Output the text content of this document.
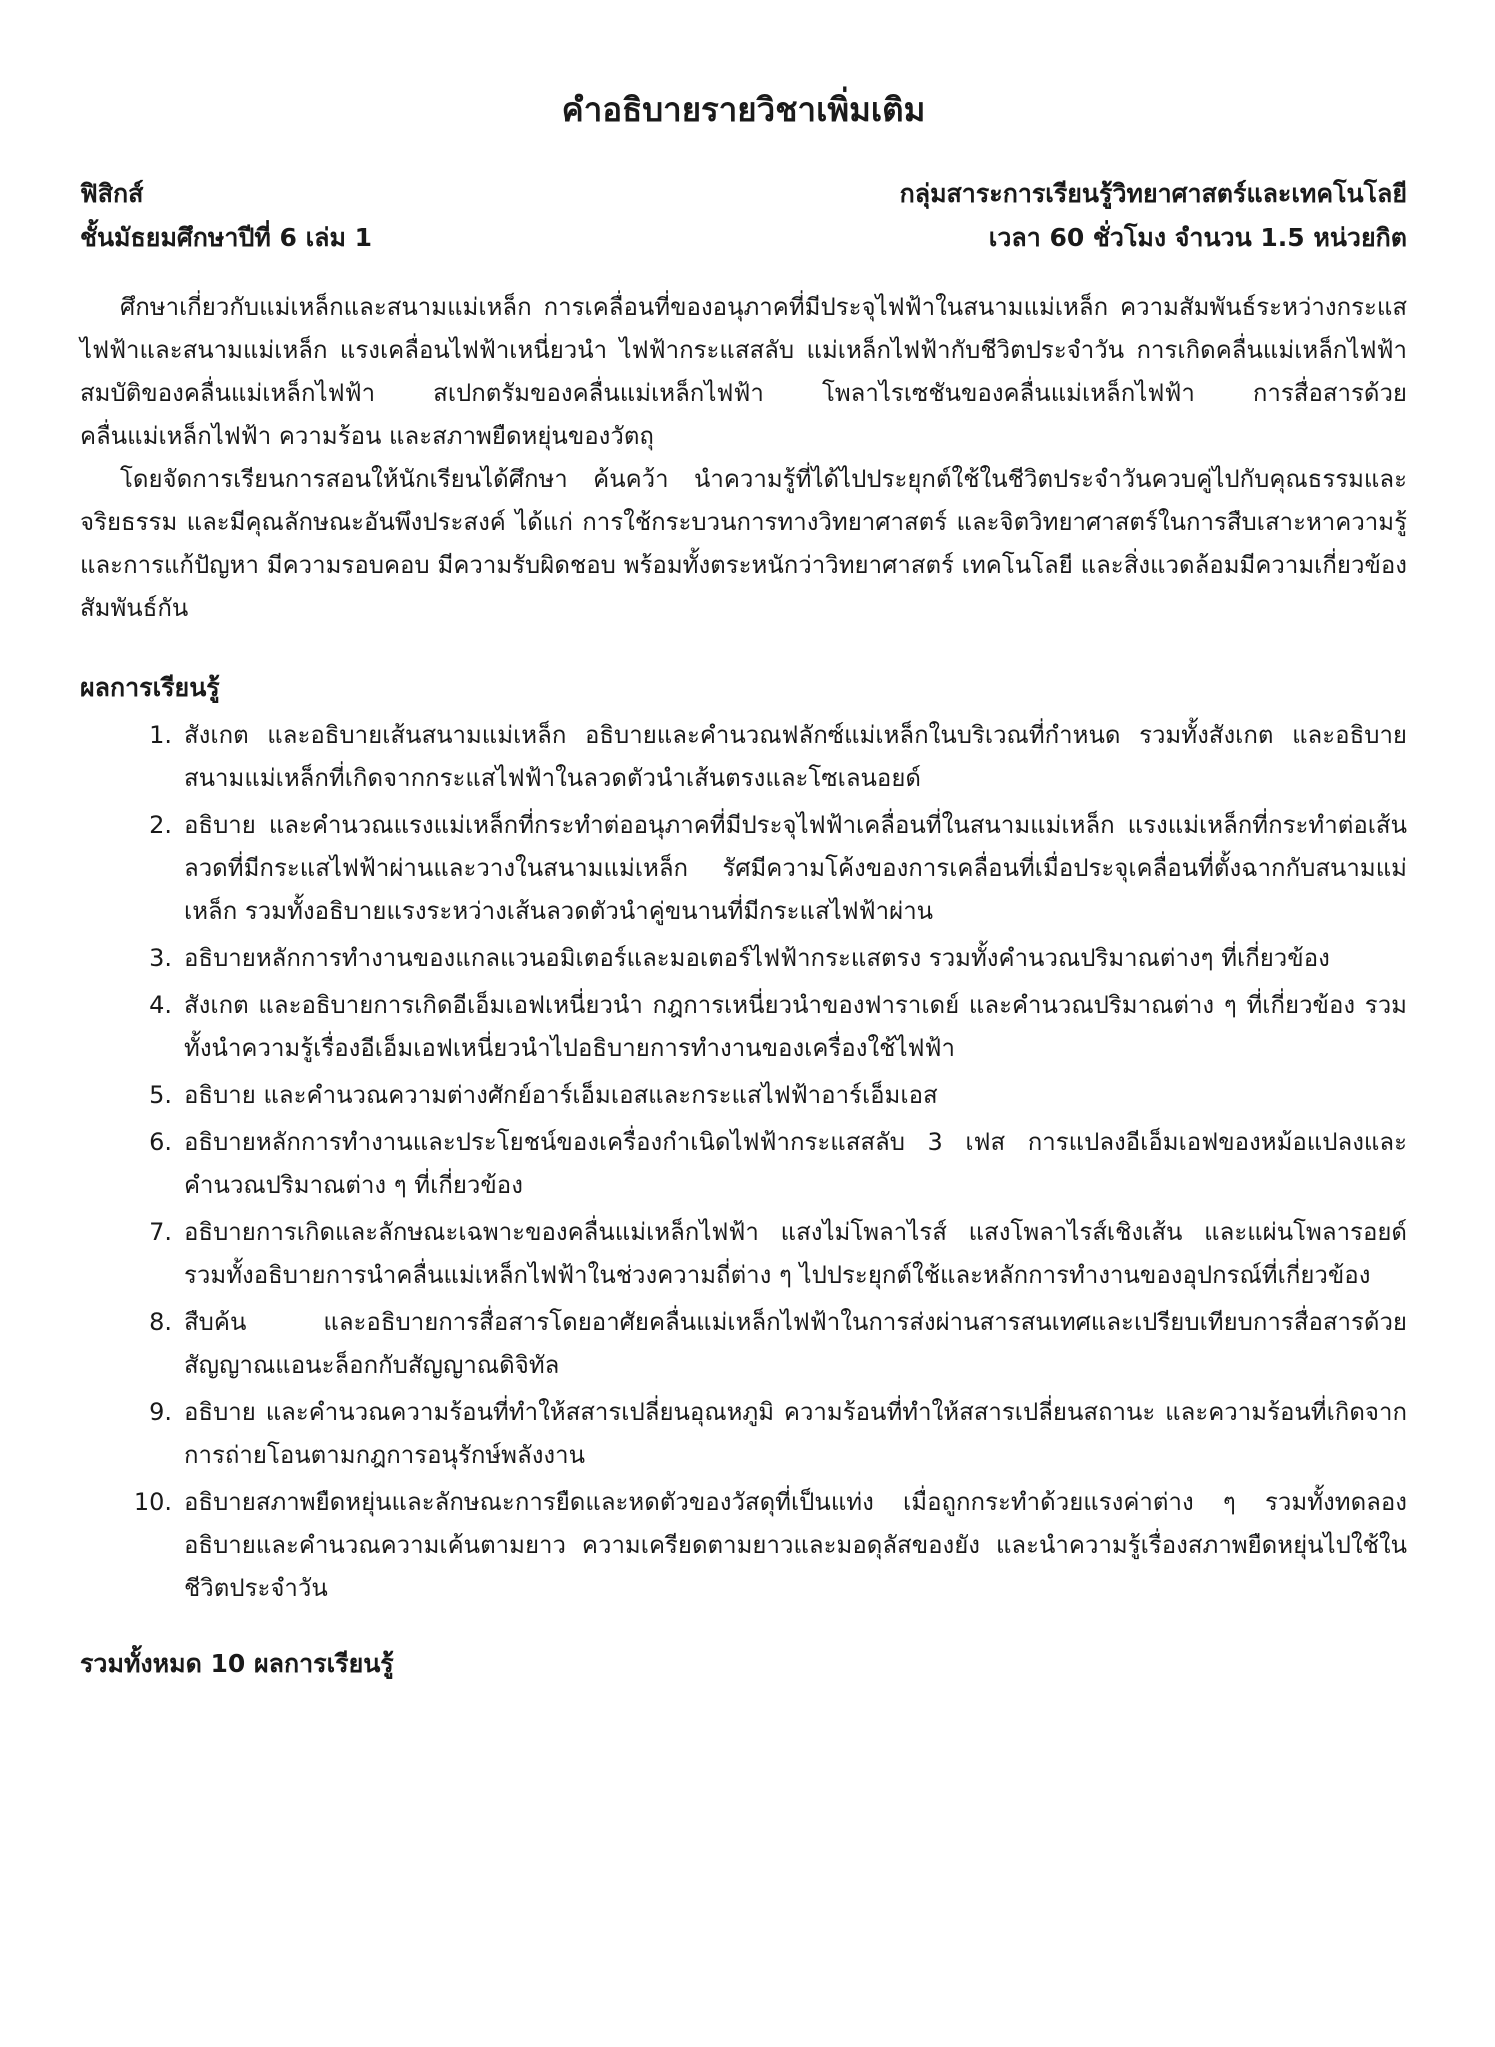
คำอธิบายรายวิชาเพิ่มเติม
ฟิสิกส์	กลุ่มสาระการเรียนรู้วิทยาศาสตร์และเทคโนโลยี
ชั้นมัธยมศึกษาปีที่ 6 เล่ม 1	เวลา 60 ชั่วโมง จำนวน 1.5 หน่วยกิต

ศึกษาเกี่ยวกับแม่เหล็กและสนามแม่เหล็ก การเคลื่อนที่ของอนุภาคที่มีประจุไฟฟ้าในสนามแม่เหล็ก ความสัมพันธ์ระหว่างกระแสไฟฟ้าและสนามแม่เหล็ก แรงเคลื่อนไฟฟ้าเหนี่ยวนำ ไฟฟ้ากระแสสลับ แม่เหล็กไฟฟ้ากับชีวิตประจำวัน การเกิดคลื่นแม่เหล็กไฟฟ้า สมบัติของคลื่นแม่เหล็กไฟฟ้า สเปกตรัมของคลื่นแม่เหล็กไฟฟ้า โพลาไรเซชันของคลื่นแม่เหล็กไฟฟ้า การสื่อสารด้วยคลื่นแม่เหล็กไฟฟ้า ความร้อน และสภาพยืดหยุ่นของวัตถุ

โดยจัดการเรียนการสอนให้นักเรียนได้ศึกษา ค้นคว้า นำความรู้ที่ได้ไปประยุกต์ใช้ในชีวิตประจำวันควบคู่ไปกับคุณธรรมและจริยธรรม และมีคุณลักษณะอันพึงประสงค์ ได้แก่ การใช้กระบวนการทางวิทยาศาสตร์ และจิตวิทยาศาสตร์ในการสืบเสาะหาความรู้และการแก้ปัญหา มีความรอบคอบ มีความรับผิดชอบ พร้อมทั้งตระหนักว่าวิทยาศาสตร์ เทคโนโลยี และสิ่งแวดล้อมมีความเกี่ยวข้องสัมพันธ์กัน

ผลการเรียนรู้
1. สังเกต และอธิบายเส้นสนามแม่เหล็ก อธิบายและคำนวณฟลักซ์แม่เหล็กในบริเวณที่กำหนด รวมทั้งสังเกต และอธิบายสนามแม่เหล็กที่เกิดจากกระแสไฟฟ้าในลวดตัวนำเส้นตรงและโซเลนอยด์
2. อธิบาย และคำนวณแรงแม่เหล็กที่กระทำต่ออนุภาคที่มีประจุไฟฟ้าเคลื่อนที่ในสนามแม่เหล็ก แรงแม่เหล็กที่กระทำต่อเส้นลวดที่มีกระแสไฟฟ้าผ่านและวางในสนามแม่เหล็ก รัศมีความโค้งของการเคลื่อนที่เมื่อประจุเคลื่อนที่ตั้งฉากกับสนามแม่เหล็ก รวมทั้งอธิบายแรงระหว่างเส้นลวดตัวนำคู่ขนานที่มีกระแสไฟฟ้าผ่าน
3. อธิบายหลักการทำงานของแกลแวนอมิเตอร์และมอเตอร์ไฟฟ้ากระแสตรง รวมทั้งคำนวณปริมาณต่างๆ ที่เกี่ยวข้อง
4. สังเกต และอธิบายการเกิดอีเอ็มเอฟเหนี่ยวนำ กฎการเหนี่ยวนำของฟาราเดย์ และคำนวณปริมาณต่าง ๆ ที่เกี่ยวข้อง รวมทั้งนำความรู้เรื่องอีเอ็มเอฟเหนี่ยวนำไปอธิบายการทำงานของเครื่องใช้ไฟฟ้า
5. อธิบาย และคำนวณความต่างศักย์อาร์เอ็มเอสและกระแสไฟฟ้าอาร์เอ็มเอส
6. อธิบายหลักการทำงานและประโยชน์ของเครื่องกำเนิดไฟฟ้ากระแสสลับ 3 เฟส การแปลงอีเอ็มเอฟของหม้อแปลงและคำนวณปริมาณต่าง ๆ ที่เกี่ยวข้อง
7. อธิบายการเกิดและลักษณะเฉพาะของคลื่นแม่เหล็กไฟฟ้า แสงไม่โพลาไรส์ แสงโพลาไรส์เชิงเส้น และแผ่นโพลารอยด์ รวมทั้งอธิบายการนำคลื่นแม่เหล็กไฟฟ้าในช่วงความถี่ต่าง ๆ ไปประยุกต์ใช้และหลักการทำงานของอุปกรณ์ที่เกี่ยวข้อง
8. สืบค้น และอธิบายการสื่อสารโดยอาศัยคลื่นแม่เหล็กไฟฟ้าในการส่งผ่านสารสนเทศและเปรียบเทียบการสื่อสารด้วยสัญญาณแอนะล็อกกับสัญญาณดิจิทัล
9. อธิบาย และคำนวณความร้อนที่ทำให้สสารเปลี่ยนอุณหภูมิ ความร้อนที่ทำให้สสารเปลี่ยนสถานะ และความร้อนที่เกิดจากการถ่ายโอนตามกฎการอนุรักษ์พลังงาน
10. อธิบายสภาพยืดหยุ่นและลักษณะการยืดและหดตัวของวัสดุที่เป็นแท่ง เมื่อถูกกระทำด้วยแรงค่าต่าง ๆ รวมทั้งทดลอง อธิบายและคำนวณความเค้นตามยาว ความเครียดตามยาวและมอดุลัสของยัง และนำความรู้เรื่องสภาพยืดหยุ่นไปใช้ในชีวิตประจำวัน
รวมทั้งหมด 10 ผลการเรียนรู้
